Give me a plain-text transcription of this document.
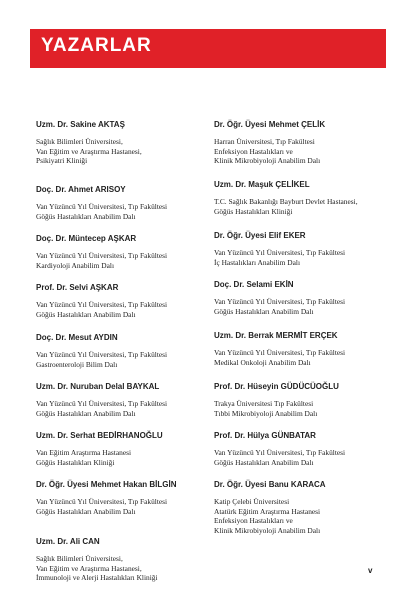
YAZARLAR
Uzm. Dr. Sakine AKTAŞ
Sağlık Bilimleri Üniversitesi,
Van Eğitim ve Araştırma Hastanesi,
Psikiyatri Kliniği
Doç. Dr. Ahmet ARISOY
Van Yüzüncü Yıl Üniversitesi, Tıp Fakültesi
Göğüs Hastalıkları Anabilim Dalı
Doç. Dr. Müntecep AŞKAR
Van Yüzüncü Yıl Üniversitesi, Tıp Fakültesi
Kardiyoloji Anabilim Dalı
Prof. Dr. Selvi AŞKAR
Van Yüzüncü Yıl Üniversitesi, Tıp Fakültesi
Göğüs Hastalıkları Anabilim Dalı
Doç. Dr. Mesut AYDIN
Van Yüzüncü Yıl Üniversitesi, Tıp Fakültesi
Gastroenteroloji Bilim Dalı
Uzm. Dr. Nuruban Delal BAYKAL
Van Yüzüncü Yıl Üniversitesi, Tıp Fakültesi
Göğüs Hastalıkları Anabilim Dalı
Uzm. Dr. Serhat BEDİRHANOĞLU
Van Eğitim Araştırma Hastanesi
Göğüs Hastalıkları Kliniği
Dr. Öğr. Üyesi Mehmet Hakan BİLGİN
Van Yüzüncü Yıl Üniversitesi, Tıp Fakültesi
Göğüs Hastalıkları Anabilim Dalı
Uzm. Dr. Ali CAN
Sağlık Bilimleri Üniversitesi,
Van Eğitim ve Araştırma Hastanesi,
İmmunoloji ve Alerji Hastalıkları Kliniği
Dr. Öğr. Üyesi Mehmet ÇELİK
Harran Üniversitesi, Tıp Fakültesi
Enfeksiyon Hastalıkları ve
Klinik Mikrobiyoloji Anabilim Dalı
Uzm. Dr. Maşuk ÇELİKEL
T.C. Sağlık Bakanlığı Bayburt Devlet Hastanesi,
Göğüs Hastalıkları Kliniği
Dr. Öğr. Üyesi Elif EKER
Van Yüzüncü Yıl Üniversitesi, Tıp Fakültesi
İç Hastalıkları Anabilim Dalı
Doç. Dr. Selami EKİN
Van Yüzüncü Yıl Üniversitesi, Tıp Fakültesi
Göğüs Hastalıkları Anabilim Dalı
Uzm. Dr. Berrak MERMİT ERÇEK
Van Yüzüncü Yıl Üniversitesi, Tıp Fakültesi
Medikal Onkoloji Anabilim Dalı
Prof. Dr. Hüseyin GÜDÜCÜOĞLU
Trakya Üniversitesi Tıp Fakültesi
Tıbbi Mikrobiyoloji Anabilim Dalı
Prof. Dr. Hülya GÜNBATAR
Van Yüzüncü Yıl Üniversitesi, Tıp Fakültesi
Göğüs Hastalıkları Anabilim Dalı
Dr. Öğr. Üyesi Banu KARACA
Katip Çelebi Üniversitesi
Atatürk Eğitim Araştırma Hastanesi
Enfeksiyon Hastalıkları ve
Klinik Mikrobiyoloji Anabilim Dalı
v
